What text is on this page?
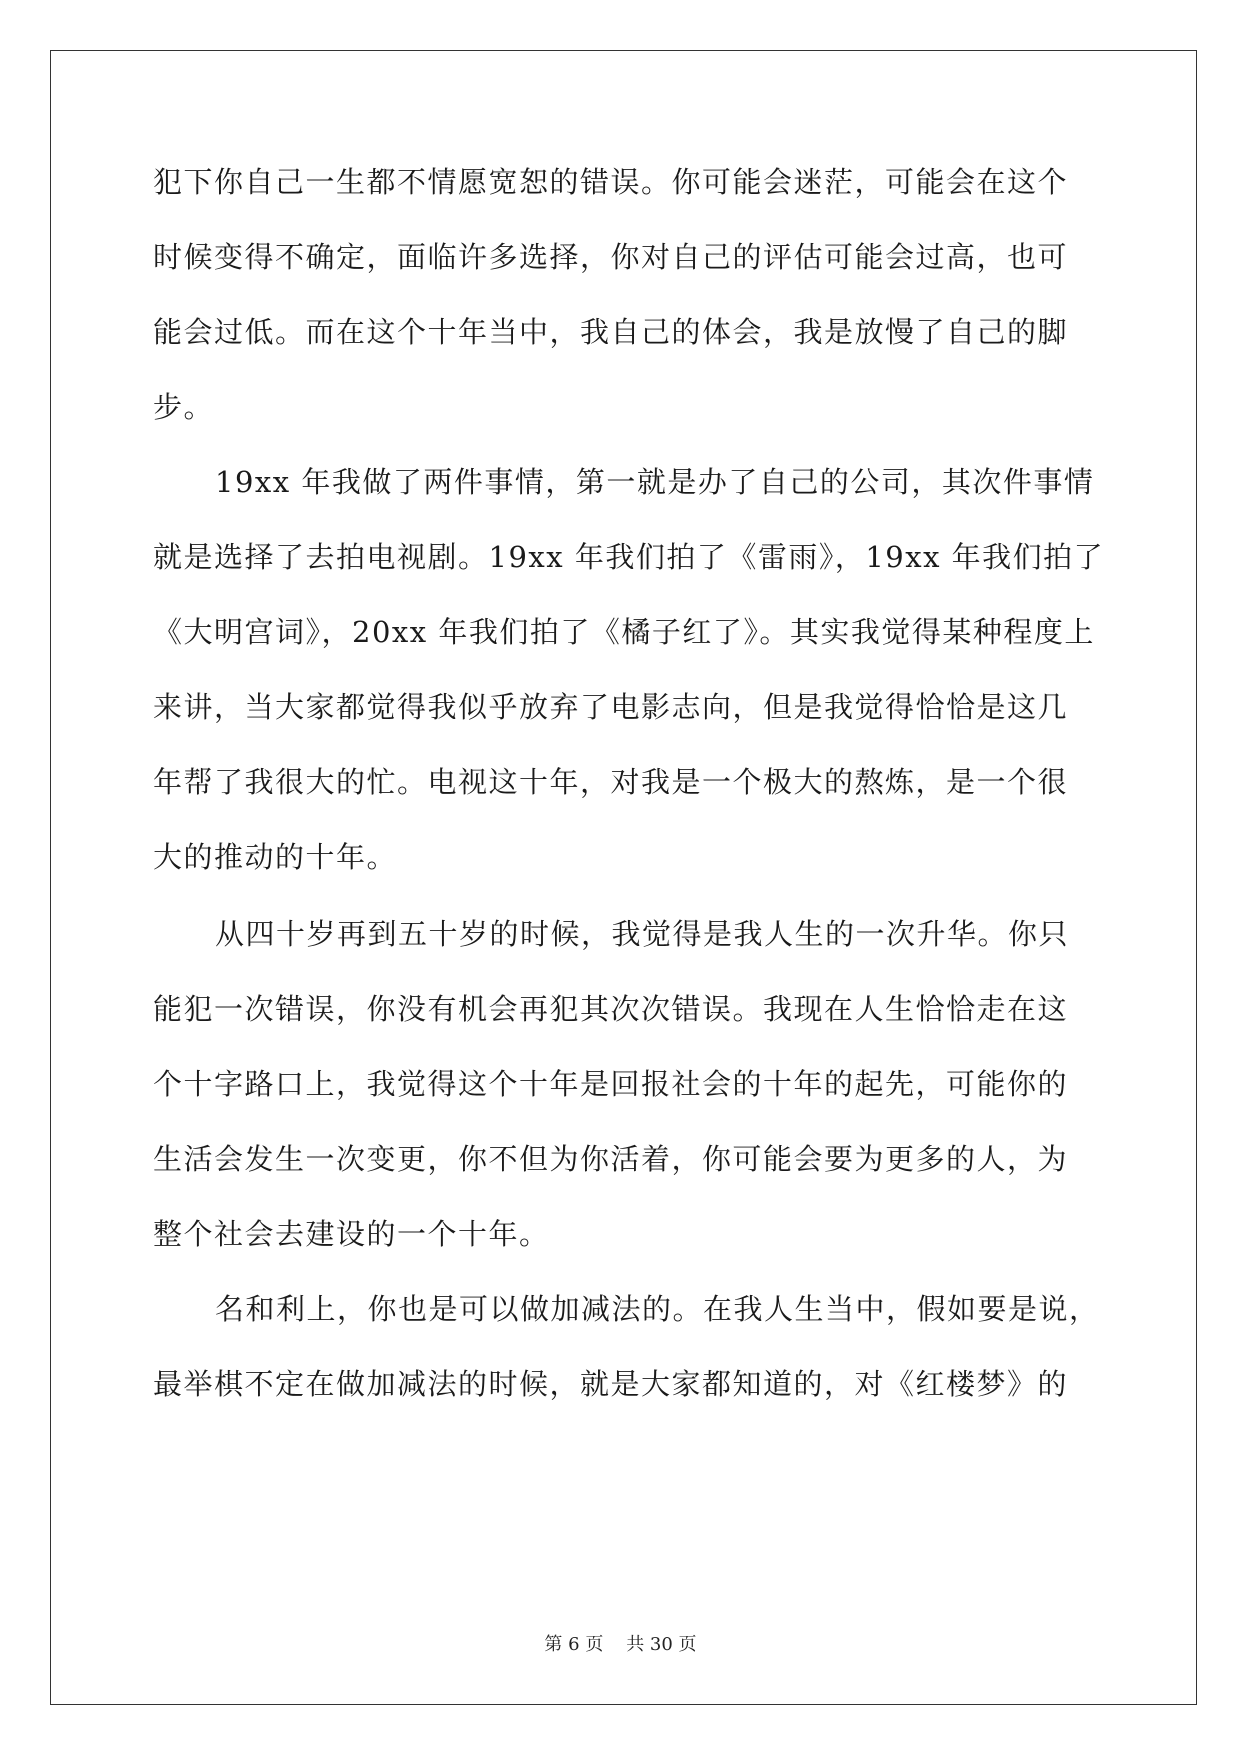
犯下你自己一生都不情愿宽恕的错误。你可能会迷茫，可能会在这个
时候变得不确定，面临许多选择，你对自己的评估可能会过高，也可
能会过低。而在这个十年当中，我自己的体会，我是放慢了自己的脚
步。
19xx 年我做了两件事情，第一就是办了自己的公司，其次件事情
就是选择了去拍电视剧。19xx 年我们拍了《雷雨》，19xx 年我们拍了
《大明宫词》，20xx 年我们拍了《橘子红了》。其实我觉得某种程度上
来讲，当大家都觉得我似乎放弃了电影志向，但是我觉得恰恰是这几
年帮了我很大的忙。电视这十年，对我是一个极大的熬炼，是一个很
大的推动的十年。
从四十岁再到五十岁的时候，我觉得是我人生的一次升华。你只
能犯一次错误，你没有机会再犯其次次错误。我现在人生恰恰走在这
个十字路口上，我觉得这个十年是回报社会的十年的起先，可能你的
生活会发生一次变更，你不但为你活着，你可能会要为更多的人，为
整个社会去建设的一个十年。
名和利上，你也是可以做加减法的。在我人生当中，假如要是说，
最举棋不定在做加减法的时候，就是大家都知道的，对《红楼梦》的
第 6 页    共 30 页
